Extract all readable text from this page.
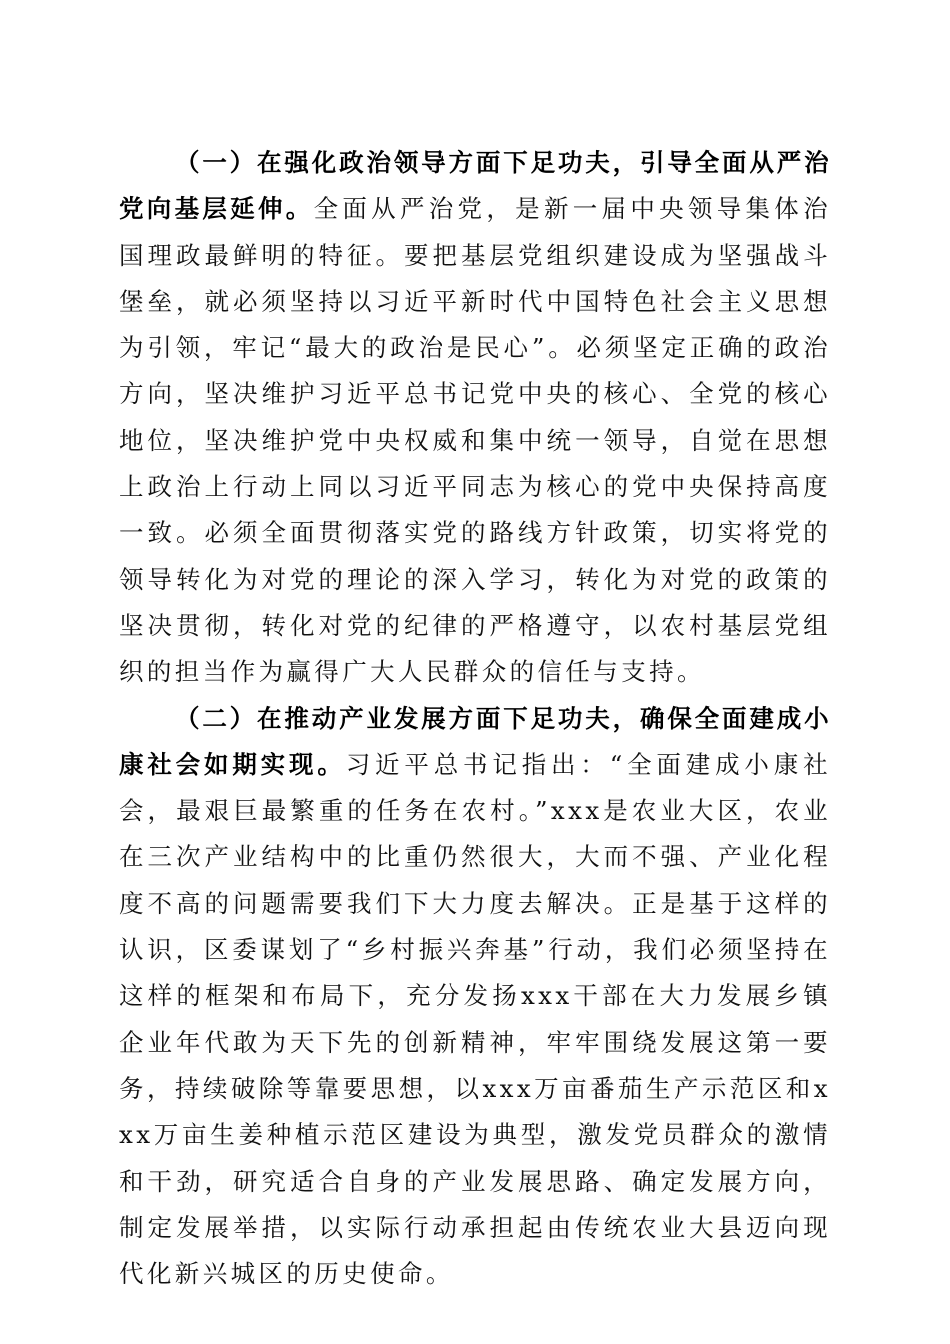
（一）在强化政治领导方面下足功夫，引导全面从严治党向基层延伸。全面从严治党，是新一届中央领导集体治国理政最鲜明的特征。要把基层党组织建设成为坚强战斗堡垒，就必须坚持以习近平新时代中国特色社会主义思想为引领，牢记“最大的政治是民心”。必须坚定正确的政治方向，坚决维护习近平总书记党中央的核心、全党的核心地位，坚决维护党中央权威和集中统一领导，自觉在思想上政治上行动上同以习近平同志为核心的党中央保持高度一致。必须全面贯彻落实党的路线方针政策，切实将党的领导转化为对党的理论的深入学习，转化为对党的政策的坚决贯彻，转化对党的纪律的严格遵守，以农村基层党组织的担当作为赢得广大人民群众的信任与支持。

（二）在推动产业发展方面下足功夫，确保全面建成小康社会如期实现。习近平总书记指出：“全面建成小康社会，最艰巨最繁重的任务在农村。”xxx是农业大区，农业在三次产业结构中的比重仍然很大，大而不强、产业化程度不高的问题需要我们下大力度去解决。正是基于这样的认识，区委谋划了“乡村振兴奔基”行动，我们必须坚持在这样的框架和布局下，充分发扬xxx干部在大力发展乡镇企业年代敢为天下先的创新精神，牢牢围绕发展这第一要务，持续破除等靠要思想，以xxx万亩番茄生产示范区和xxx万亩生姜种植示范区建设为典型，激发党员群众的激情和干劲，研究适合自身的产业发展思路、确定发展方向，制定发展举措，以实际行动承担起由传统农业大县迈向现代化新兴城区的历史使命。
